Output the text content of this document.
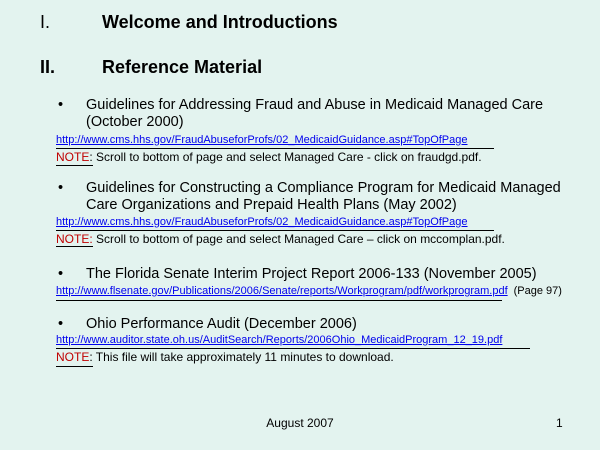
I.	Welcome and Introductions
II.	Reference Material
• Guidelines for Addressing Fraud and Abuse in Medicaid Managed Care (October 2000)
http://www.cms.hhs.gov/FraudAbuseforProfs/02_MedicaidGuidance.asp#TopOfPage
NOTE: Scroll to bottom of page and select Managed Care - click on fraudgd.pdf.
• Guidelines for Constructing a Compliance Program for Medicaid Managed Care Organizations and Prepaid Health Plans (May 2002)
http://www.cms.hhs.gov/FraudAbuseforProfs/02_MedicaidGuidance.asp#TopOfPage
NOTE: Scroll to bottom of page and select Managed Care – click on mccomplan.pdf.
• The Florida Senate Interim Project Report 2006-133 (November 2005)
http://www.flsenate.gov/Publications/2006/Senate/reports/Workprogram/pdf/workprogram.pdf (Page 97)
• Ohio Performance Audit (December 2006)
http://www.auditor.state.oh.us/AuditSearch/Reports/2006Ohio_MedicaidProgram_12_19.pdf
NOTE: This file will take approximately 11 minutes to download.
August 2007	1
